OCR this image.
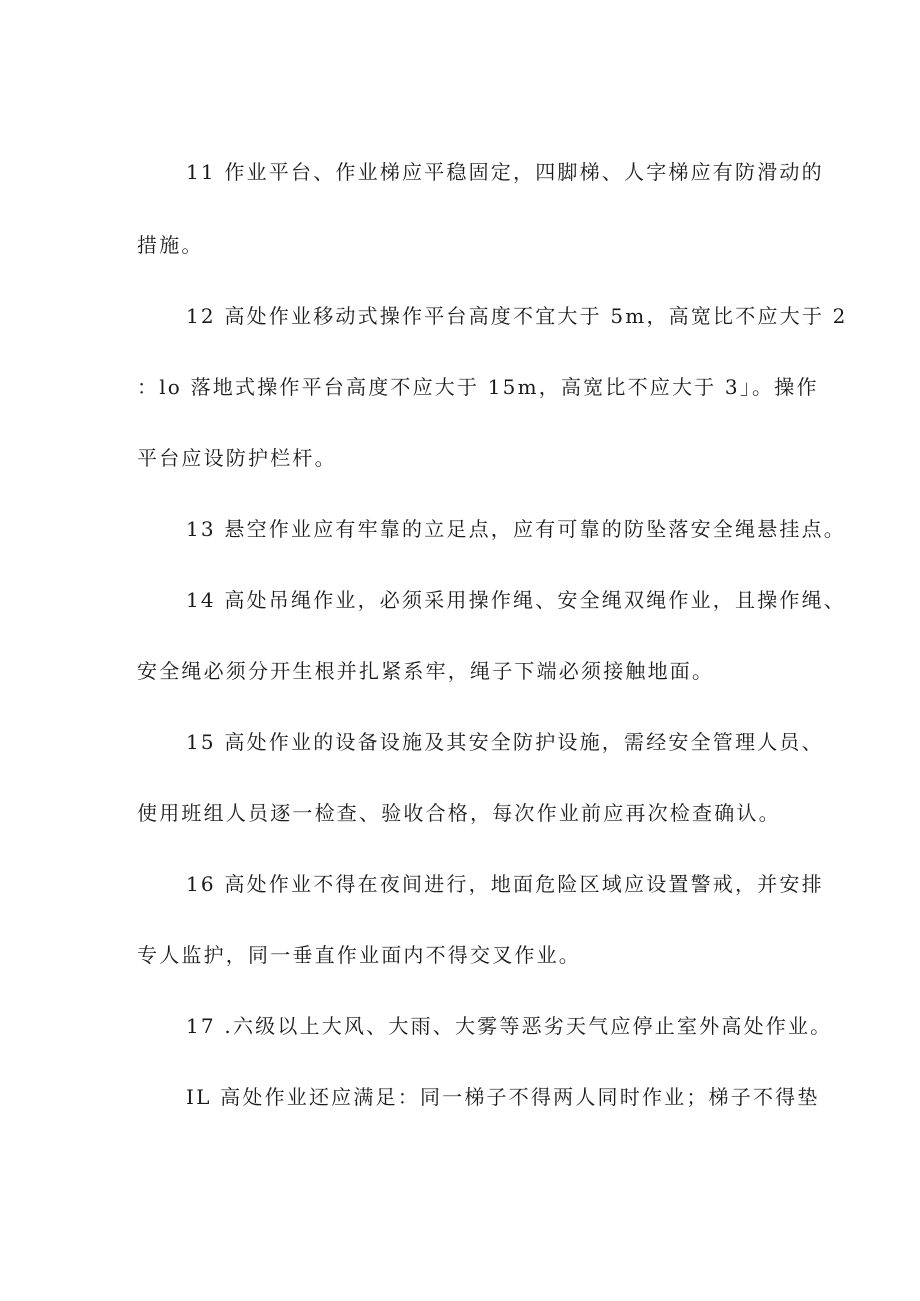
11 作业平台、作业梯应平稳固定，四脚梯、人字梯应有防滑动的
措施。
12 高处作业移动式操作平台高度不宜大于 5m，高宽比不应大于 2
：lo 落地式操作平台高度不应大于 15m，高宽比不应大于 3」。操作
平台应设防护栏杆。
13 悬空作业应有牢靠的立足点，应有可靠的防坠落安全绳悬挂点。
14 高处吊绳作业，必须采用操作绳、安全绳双绳作业，且操作绳、
安全绳必须分开生根并扎紧系牢，绳子下端必须接触地面。
15 高处作业的设备设施及其安全防护设施，需经安全管理人员、
使用班组人员逐一检查、验收合格，每次作业前应再次检查确认。
16 高处作业不得在夜间进行，地面危险区域应设置警戒，并安排
专人监护，同一垂直作业面内不得交叉作业。
17 .六级以上大风、大雨、大雾等恶劣天气应停止室外高处作业。
IL 高处作业还应满足：同一梯子不得两人同时作业；梯子不得垫
